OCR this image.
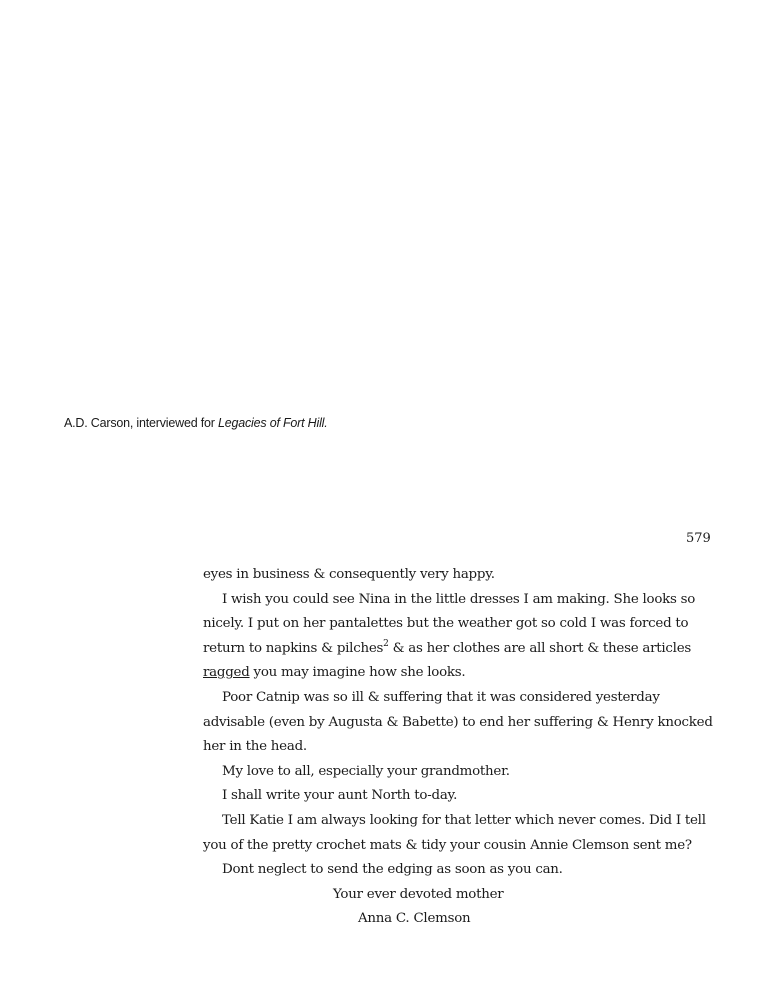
A.D. Carson, interviewed for Legacies of Fort Hill.
579

eyes in business & consequently very happy.

I wish you could see Nina in the little dresses I am making. She looks so nicely. I put on her pantalettes but the weather got so cold I was forced to return to napkins & pilches$^2$ & as her clothes are all short & these articles ragged you may imagine how she looks.

Poor Catnip was so ill & suffering that it was considered yesterday advisable (even by Augusta & Babette) to end her suffering & Henry knocked her in the head.

My love to all, especially your grandmother.

I shall write your aunt North to-day.

Tell Katie I am always looking for that letter which never comes. Did I tell you of the pretty crochet mats & tidy your cousin Annie Clemson sent me?

Dont neglect to send the edging as soon as you can.

Your ever devoted mother

Anna C. Clemson
